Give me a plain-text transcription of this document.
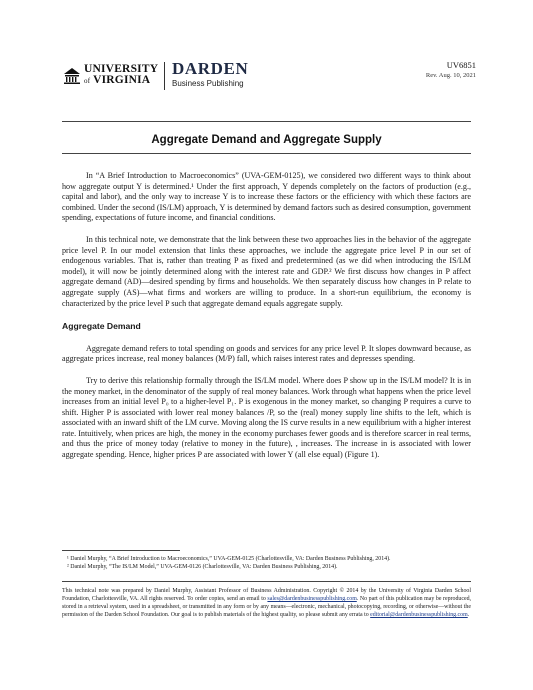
UNIVERSITY
of VIRGINIA
DARDEN
Business Publishing
UV6851
Rev. Aug. 10, 2021
Aggregate Demand and Aggregate Supply

In “A Brief Introduction to Macroeconomics” (UVA-GEM-0125), we considered two different ways to think about how aggregate output Y is determined.¹ Under the first approach, Y depends completely on the factors of production (e.g., capital and labor), and the only way to increase Y is to increase these factors or the efficiency with which these factors are combined. Under the second (IS/LM) approach, Y is determined by demand factors such as desired consumption, government spending, expectations of future income, and financial conditions.

In this technical note, we demonstrate that the link between these two approaches lies in the behavior of the aggregate price level P. In our model extension that links these approaches, we include the aggregate price level P in our set of endogenous variables. That is, rather than treating P as fixed and predetermined (as we did when introducing the IS/LM model), it will now be jointly determined along with the interest rate and GDP.² We first discuss how changes in P affect aggregate demand (AD)—desired spending by firms and households. We then separately discuss how changes in P relate to aggregate supply (AS)—what firms and workers are willing to produce. In a short-run equilibrium, the economy is characterized by the price level P such that aggregate demand equals aggregate supply.

Aggregate Demand

Aggregate demand refers to total spending on goods and services for any price level P. It slopes downward because, as aggregate prices increase, real money balances (M/P) fall, which raises interest rates and depresses spending.

Try to derive this relationship formally through the IS/LM model. Where does P show up in the IS/LM model? It is in the money market, in the denominator of the supply of real money balances. Work through what happens when the price level increases from an initial level P₀ to a higher-level P₁. P is exogenous in the money market, so changing P requires a curve to shift. Higher P is associated with lower real money balances /P, so the (real) money supply line shifts to the left, which is associated with an inward shift of the LM curve. Moving along the IS curve results in a new equilibrium with a higher interest rate. Intuitively, when prices are high, the money in the economy purchases fewer goods and is therefore scarcer in real terms, and thus the price of money today (relative to money in the future), , increases. The increase in is associated with lower aggregate spending. Hence, higher prices P are associated with lower Y (all else equal) (Figure 1).

¹ Daniel Murphy, “A Brief Introduction to Macroeconomics,” UVA-GEM-0125 (Charlottesville, VA: Darden Business Publishing, 2014).
² Daniel Murphy, “The IS/LM Model,” UVA-GEM-0126 (Charlottesville, VA: Darden Business Publishing, 2014).
This technical note was prepared by Daniel Murphy, Assistant Professor of Business Administration. Copyright © 2014 by the University of Virginia Darden School Foundation, Charlottesville, VA. All rights reserved. To order copies, send an email to sales@dardenbusinesspublishing.com. No part of this publication may be reproduced, stored in a retrieval system, used in a spreadsheet, or transmitted in any form or by any means—electronic, mechanical, photocopying, recording, or otherwise—without the permission of the Darden School Foundation. Our goal is to publish materials of the highest quality, so please submit any errata to editorial@dardenbusinesspublishing.com.
